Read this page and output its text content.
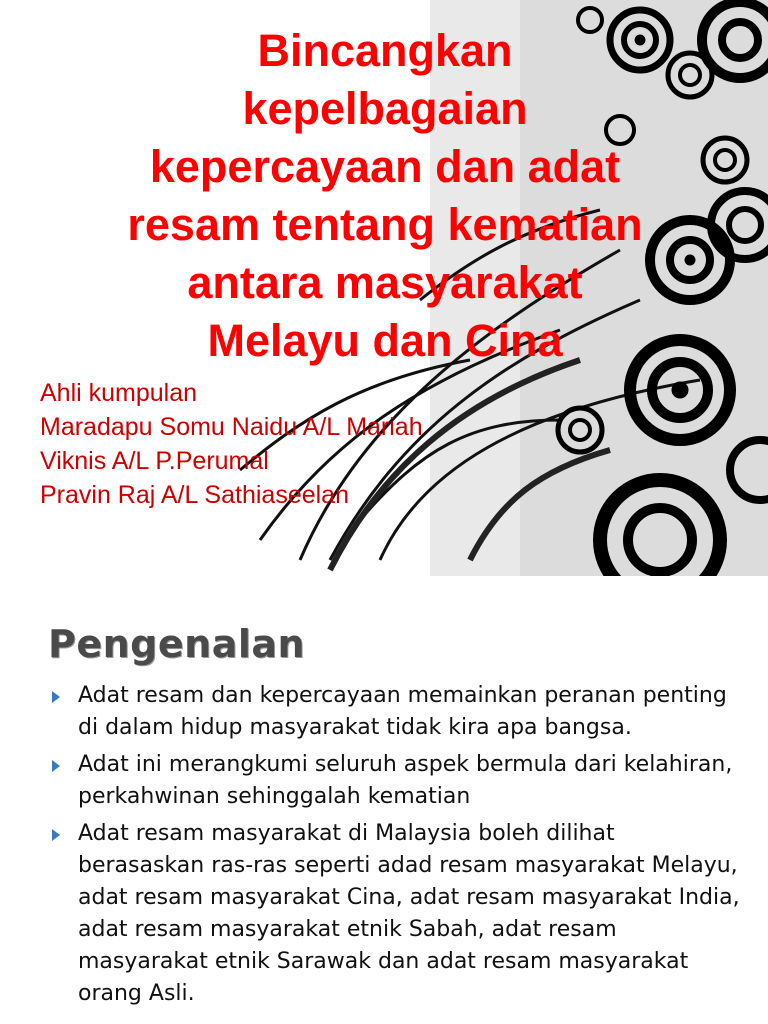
Bincangkan
kepelbagaian
kepercayaan dan adat
resam tentang kematian
antara masyarakat
Melayu dan Cina
Ahli kumpulan
Maradapu Somu Naidu A/L Mariah
Viknis A/L P.Perumal
Pravin Raj A/L Sathiaseelan
Pengenalan
Adat resam dan kepercayaan memainkan peranan penting di dalam hidup masyarakat tidak kira apa bangsa.
Adat ini merangkumi seluruh aspek bermula dari kelahiran, perkahwinan sehinggalah kematian
Adat resam masyarakat di Malaysia boleh dilihat berasaskan ras-ras seperti adad resam masyarakat Melayu, adat resam masyarakat Cina, adat resam masyarakat India, adat resam masyarakat etnik Sabah, adat resam masyarakat etnik Sarawak dan adat resam masyarakat orang Asli.
